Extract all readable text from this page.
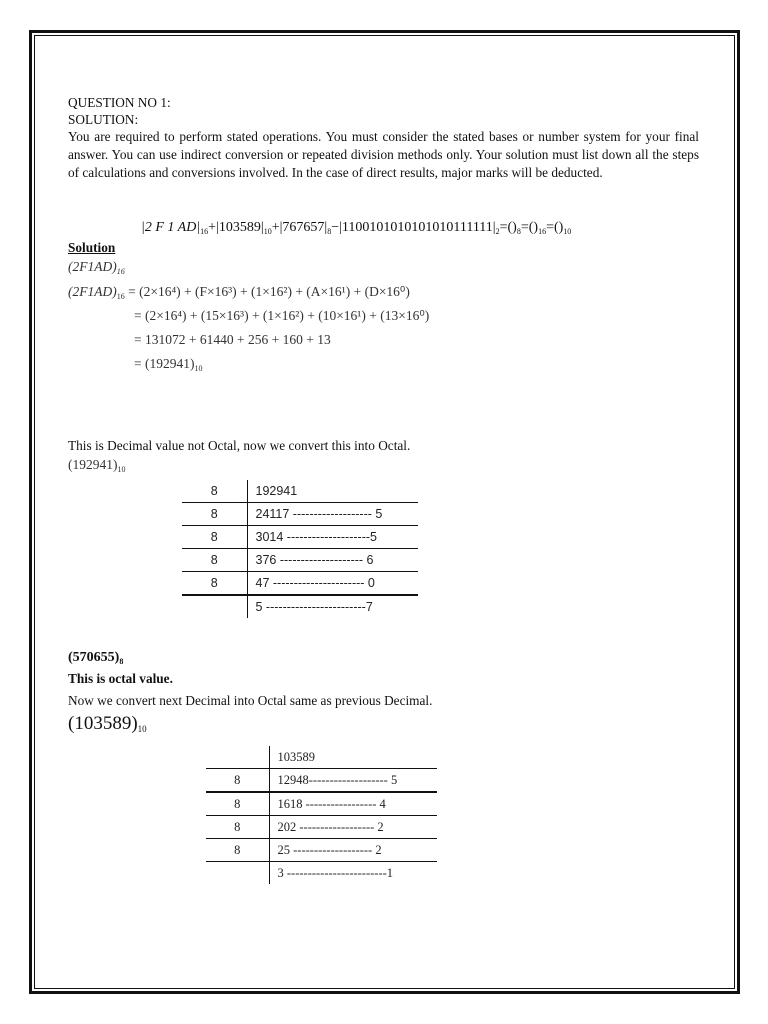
QUESTION NO 1:
SOLUTION:
You are required to perform stated operations. You must consider the stated bases or number system for your final answer. You can use indirect conversion or repeated division methods only. Your solution must list down all the steps of calculations and conversions involved. In the case of direct results, major marks will be deducted.
|2 F 1 $AD|_{16}+|103589|_{10}+|767657|_8-|1100101010101010111111|_2=()_8=()_{16}=()_{10}$
Solution
$(2F1AD)_{16}$
$(2F1AD)_{16} = (2\times 16^4) + (F\times 16^3) + (1\times 16^2) + (A\times 16^1) + (D\times 16^0)$
= (2×16⁴) + (15×16³) + (1×16²) + (10×16¹) + (13×16⁰)
= 131072 + 61440 + 256 + 160 + 13
= $(192941)_{10}$
This is Decimal value not Octal, now we convert this into Octal.
$(192941)_{10}$
8	192941
8	24117 ------------------- 5
8	3014 --------------------5
8	376 -------------------- 6
8	47 ---------------------- 0
	5 ------------------------7
$(570655)_8$
This is octal value.
Now we convert next Decimal into Octal same as previous Decimal.
$(103589)_{10}$
	103589
8	12948------------------- 5
8	1618 ----------------- 4
8	202 ------------------ 2
8	25 ------------------- 2
	3 ------------------------1
